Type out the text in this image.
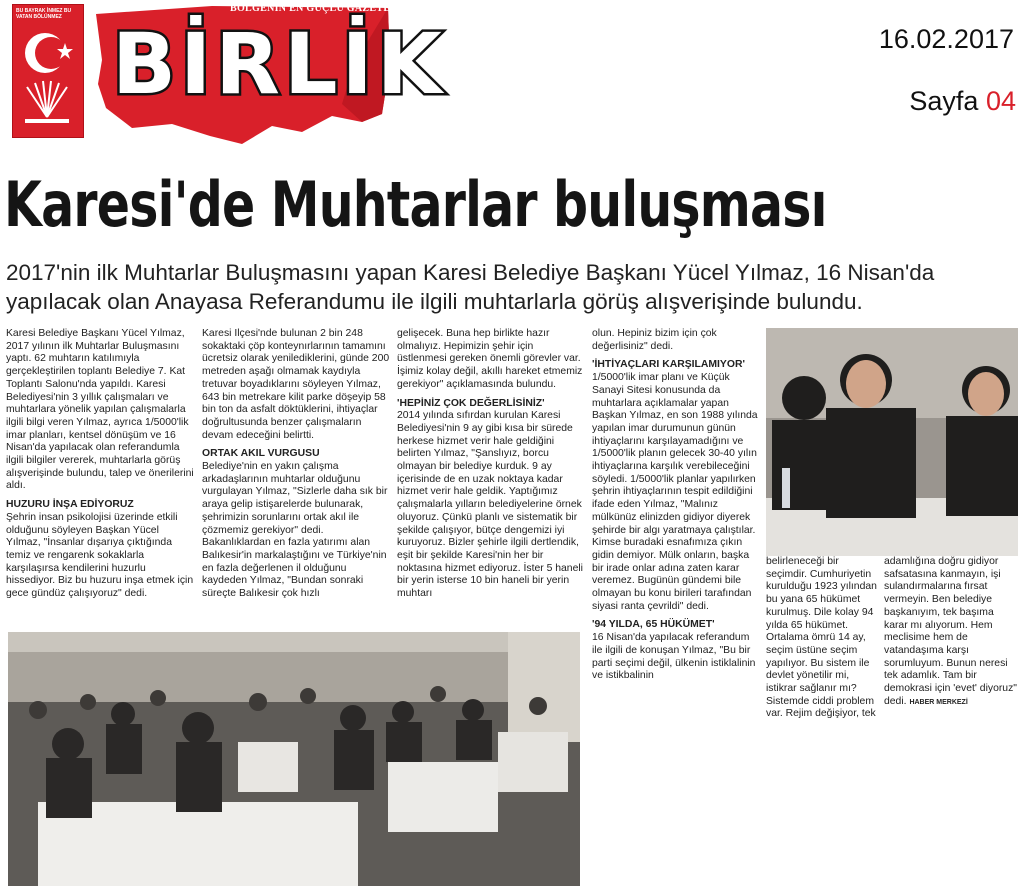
BU BAYRAK İNMEZ BU VATAN BÖLÜNMEZ
BÖLGENİN EN GÜÇLÜ GAZETESİ
BİRLİK	16.02.2017
Sayfa 04
Karesi'de Muhtarlar buluşması
2017'nin ilk Muhtarlar Buluşmasını yapan Karesi Belediye Başkanı Yücel Yılmaz, 16 Nisan'da yapılacak olan Anayasa Referandumu ile ilgili muhtarlarla görüş alışverişinde bulundu.

Karesi Belediye Başkanı Yücel Yılmaz, 2017 yılının ilk Muhtarlar Buluşmasını yaptı. 62 muhtarın katılımıyla gerçekleştirilen toplantı Belediye 7. Kat Toplantı Salonu'nda yapıldı. Karesi Belediyesi'nin 3 yıllık çalışmaları ve muhtarlara yönelik yapılan çalışmalarla ilgili bilgi veren Yılmaz, ayrıca 1/5000'lik imar planları, kentsel dönüşüm ve 16 Nisan'da yapılacak olan referandumla ilgili bilgiler vererek, muhtarlarla görüş alışverişinde bulundu, talep ve önerilerini aldı.

HUZURU İNŞA EDİYORUZ

Şehrin insan psikolojisi üzerinde etkili olduğunu söyleyen Başkan Yücel Yılmaz, "İnsanlar dışarıya çıktığında temiz ve rengarenk sokaklarla karşılaşırsa kendilerini huzurlu hissediyor. Biz bu huzuru inşa etmek için gece gündüz çalışıyoruz" dedi.

Karesi İlçesi'nde bulunan 2 bin 248 sokaktaki çöp konteynırlarının tamamını ücretsiz olarak yenilediklerini, günde 200 metreden aşağı olmamak kaydıyla tretuvar boyadıklarını söyleyen Yılmaz, 643 bin metrekare kilit parke döşeyip 58 bin ton da asfalt döktüklerini, ihtiyaçlar doğrultusunda benzer çalışmaların devam edeceğini belirtti.

ORTAK AKIL VURGUSU

Belediye'nin en yakın çalışma arkadaşlarının muhtarlar olduğunu vurgulayan Yılmaz, "Sizlerle daha sık bir araya gelip istişarelerde bulunarak, şehrimizin sorunlarını ortak akıl ile çözmemiz gerekiyor" dedi. Bakanlıklardan en fazla yatırımı alan Balıkesir'in markalaştığını ve Türkiye'nin en fazla değerlenen il olduğunu kaydeden Yılmaz, "Bundan sonraki süreçte Balıkesir çok hızlı

gelişecek. Buna hep birlikte hazır olmalıyız. Hepimizin şehir için üstlenmesi gereken önemli görevler var. İşimiz kolay değil, akıllı hareket etmemiz gerekiyor" açıklamasında bulundu.

'HEPİNİZ ÇOK DEĞERLİSİNİZ'

2014 yılında sıfırdan kurulan Karesi Belediyesi'nin 9 ay gibi kısa bir sürede herkese hizmet verir hale geldiğini belirten Yılmaz, "Şanslıyız, borcu olmayan bir belediye kurduk. 9 ay içerisinde de en uzak noktaya kadar hizmet verir hale geldik. Yaptığımız çalışmalarla yılların belediyelerine örnek oluyoruz. Çünkü planlı ve sistematik bir şekilde çalışıyor, bütçe dengemizi iyi kuruyoruz. Bizler şehirle ilgili dertlendik, eşit bir şekilde Karesi'nin her bir noktasına hizmet ediyoruz. İster 5 haneli bir yerin isterse 10 bin haneli bir yerin muhtarı

olun. Hepiniz bizim için çok değerlisiniz" dedi.

'İHTİYAÇLARI KARŞILAMIYOR'

1/5000'lik imar planı ve Küçük Sanayi Sitesi konusunda da muhtarlara açıklamalar yapan Başkan Yılmaz, en son 1988 yılında yapılan imar durumunun günün ihtiyaçlarını karşılayamadığını ve 1/5000'lik planın gelecek 30-40 yılın ihtiyaçlarına karşılık verebileceğini söyledi. 1/5000'lik planlar yapılırken şehrin ihtiyaçlarının tespit edildiğini ifade eden Yılmaz, "Malınız mülkünüz elinizden gidiyor diyerek şehirde bir algı yaratmaya çalıştılar. Kimse buradaki esnafımıza çıkın gidin demiyor. Mülk onların, başka bir irade onlar adına zaten karar veremez. Bugünün gündemi bile olmayan bu konu birileri tarafından siyasi ranta çevrildi" dedi.

'94 YILDA, 65 HÜKÜMET'

16 Nisan'da yapılacak referandum ile ilgili de konuşan Yılmaz, "Bu bir parti seçimi değil, ülkenin istiklalinin ve istikbalinin

belirleneceği bir seçimdir. Cumhuriyetin kurulduğu 1923 yılından bu yana 65 hükümet kurulmuş. Dile kolay 94 yılda 65 hükümet. Ortalama ömrü 14 ay, seçim üstüne seçim yapılıyor. Bu sistem ile devlet yönetilir mi, istikrar sağlanır mı? Sistemde ciddi problem var. Rejim değişiyor, tek

adamlığına doğru gidiyor safsatasına kanmayın, işi sulandırmalarına fırsat vermeyin. Ben belediye başkanıyım, tek başıma karar mı alıyorum. Hem meclisime hem de vatandaşıma karşı sorumluyum. Bunun neresi tek adamlık. Tam bir demokrasi için 'evet' diyoruz" dedi. HABER MERKEZİ
